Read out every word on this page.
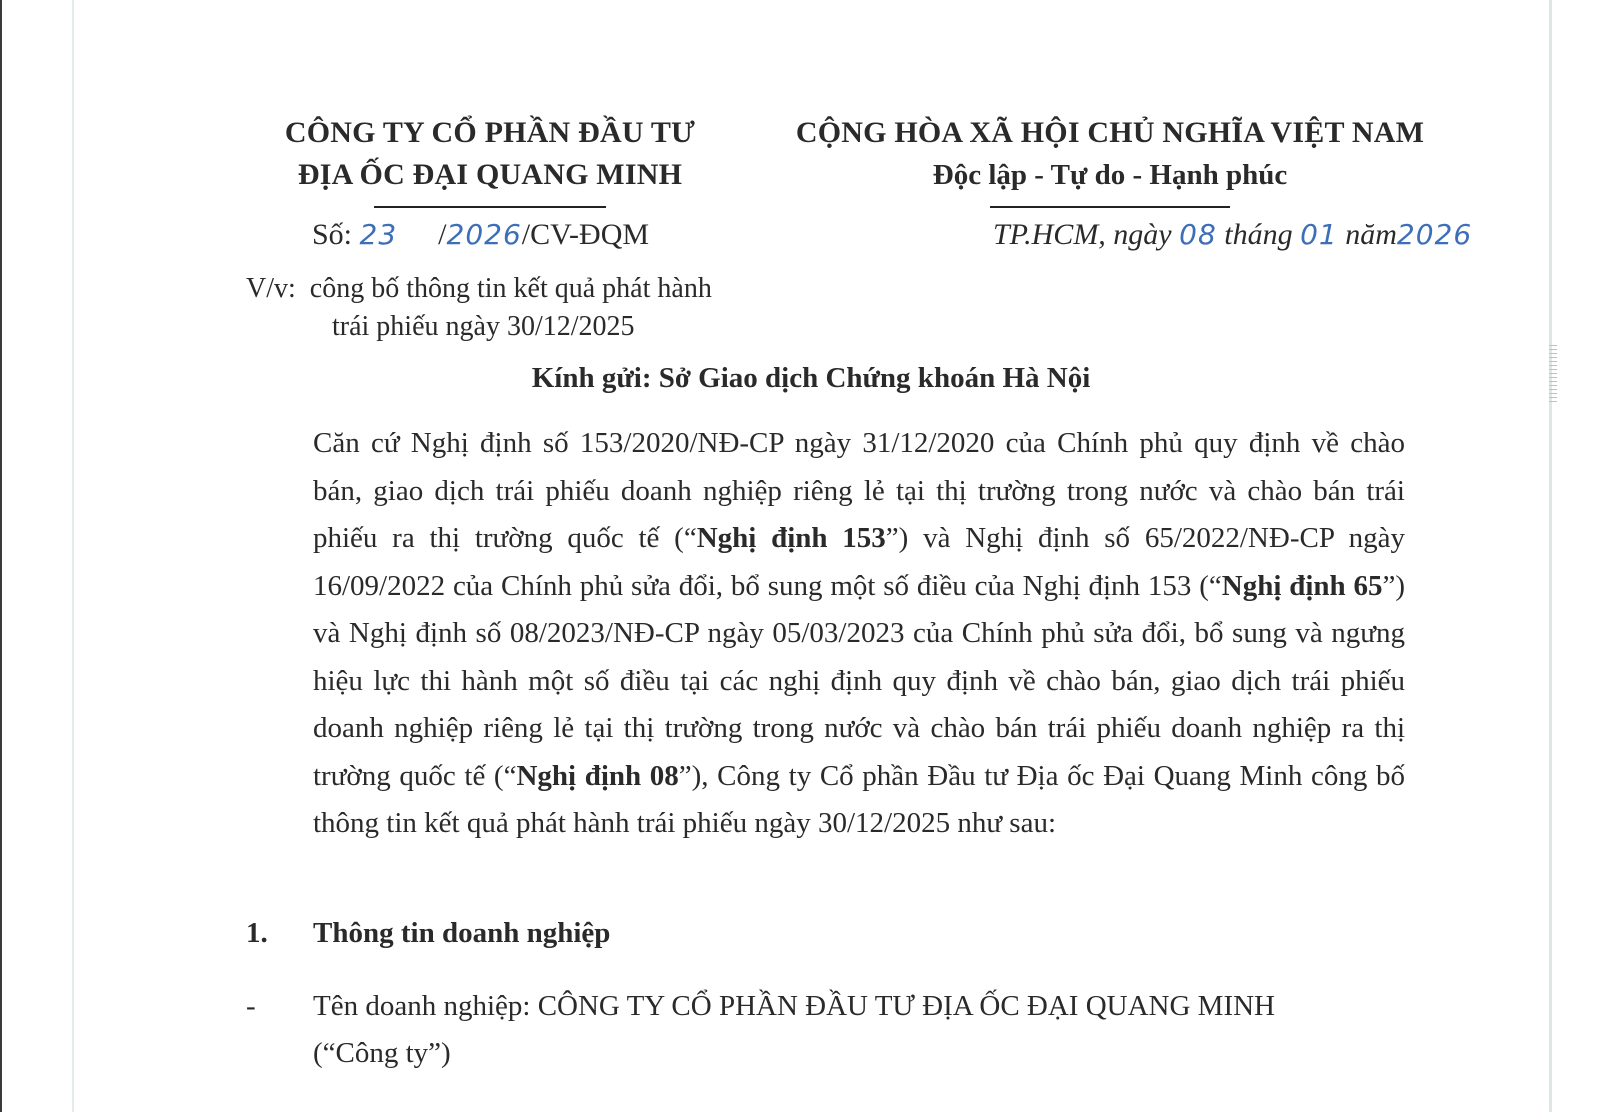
CÔNG TY CỔ PHẦN ĐẦU TƯ
ĐỊA ỐC ĐẠI QUANG MINH
CỘNG HÒA XÃ HỘI CHỦ NGHĨA VIỆT NAM
Độc lập - Tự do - Hạnh phúc
Số: 23 /2026/CV-ĐQM	TP.HCM, ngày 08 tháng 01 năm2026
V/v: công bố thông tin kết quả phát hành
trái phiếu ngày 30/12/2025
Kính gửi: Sở Giao dịch Chứng khoán Hà Nội

Căn cứ Nghị định số 153/2020/NĐ-CP ngày 31/12/2020 của Chính phủ quy định về chào bán, giao dịch trái phiếu doanh nghiệp riêng lẻ tại thị trường trong nước và chào bán trái phiếu ra thị trường quốc tế (“Nghị định 153”) và Nghị định số 65/2022/NĐ-CP ngày 16/09/2022 của Chính phủ sửa đổi, bổ sung một số điều của Nghị định 153 (“Nghị định 65”) và Nghị định số 08/2023/NĐ-CP ngày 05/03/2023 của Chính phủ sửa đổi, bổ sung và ngưng hiệu lực thi hành một số điều tại các nghị định quy định về chào bán, giao dịch trái phiếu doanh nghiệp riêng lẻ tại thị trường trong nước và chào bán trái phiếu doanh nghiệp ra thị trường quốc tế (“Nghị định 08”), Công ty Cổ phần Đầu tư Địa ốc Đại Quang Minh công bố thông tin kết quả phát hành trái phiếu ngày 30/12/2025 như sau:

1. Thông tin doanh nghiệp
- Tên doanh nghiệp: CÔNG TY CỔ PHẦN ĐẦU TƯ ĐỊA ỐC ĐẠI QUANG MINH
(“Công ty”)
